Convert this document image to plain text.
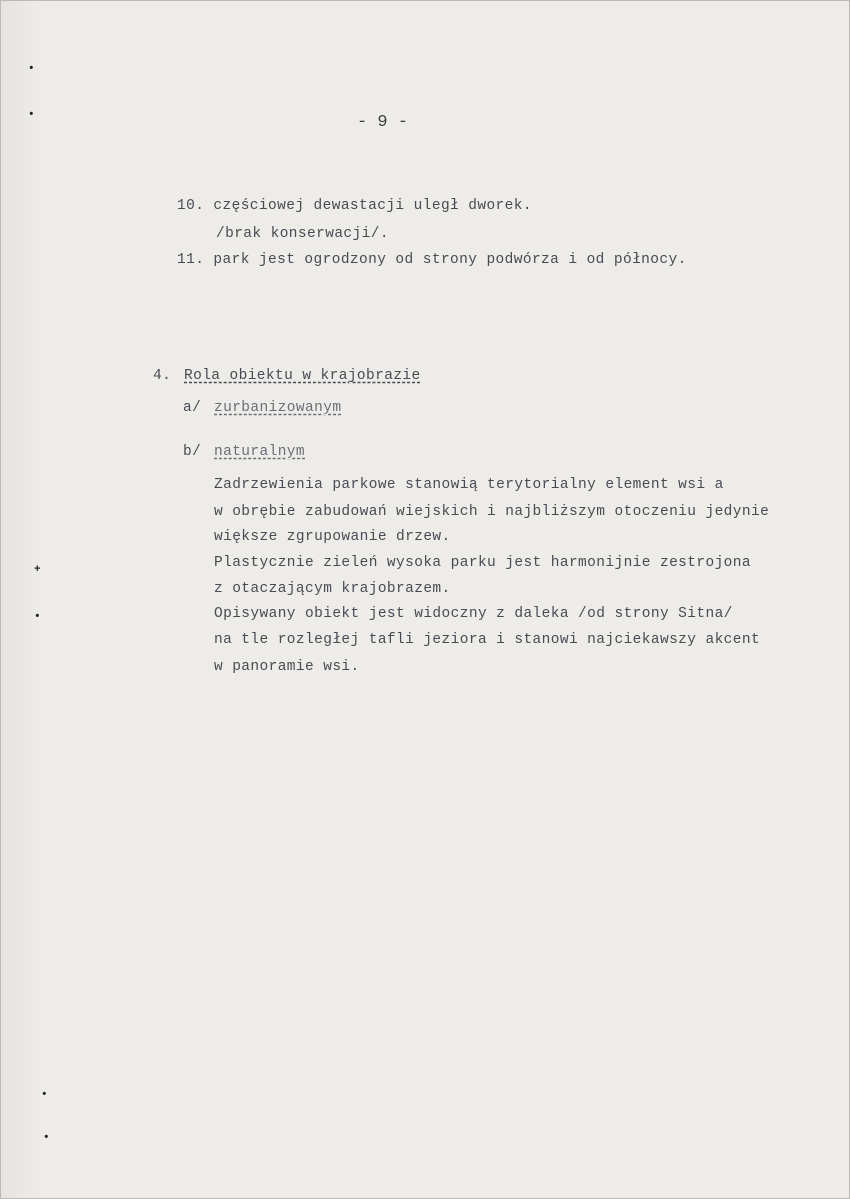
•
•
+
•
•
•
- 9 -
10. częściowej dewastacji uległ dworek.
/brak konserwacji/.
11. park jest ogrodzony od strony podwórza i od północy.
4. Rola obiektu w krajobrazie
a/ zurbanizowanym
b/ naturalnym
Zadrzewienia parkowe stanowią terytorialny element wsi a
w obrębie zabudowań wiejskich i najbliższym otoczeniu jedynie
większe zgrupowanie drzew.
Plastycznie zieleń wysoka parku jest harmonijnie zestrojona
z otaczającym krajobrazem.
Opisywany obiekt jest widoczny z daleka /od strony Sitna/
na tle rozległej tafli jeziora i stanowi najciekawszy akcent
w panoramie wsi.
